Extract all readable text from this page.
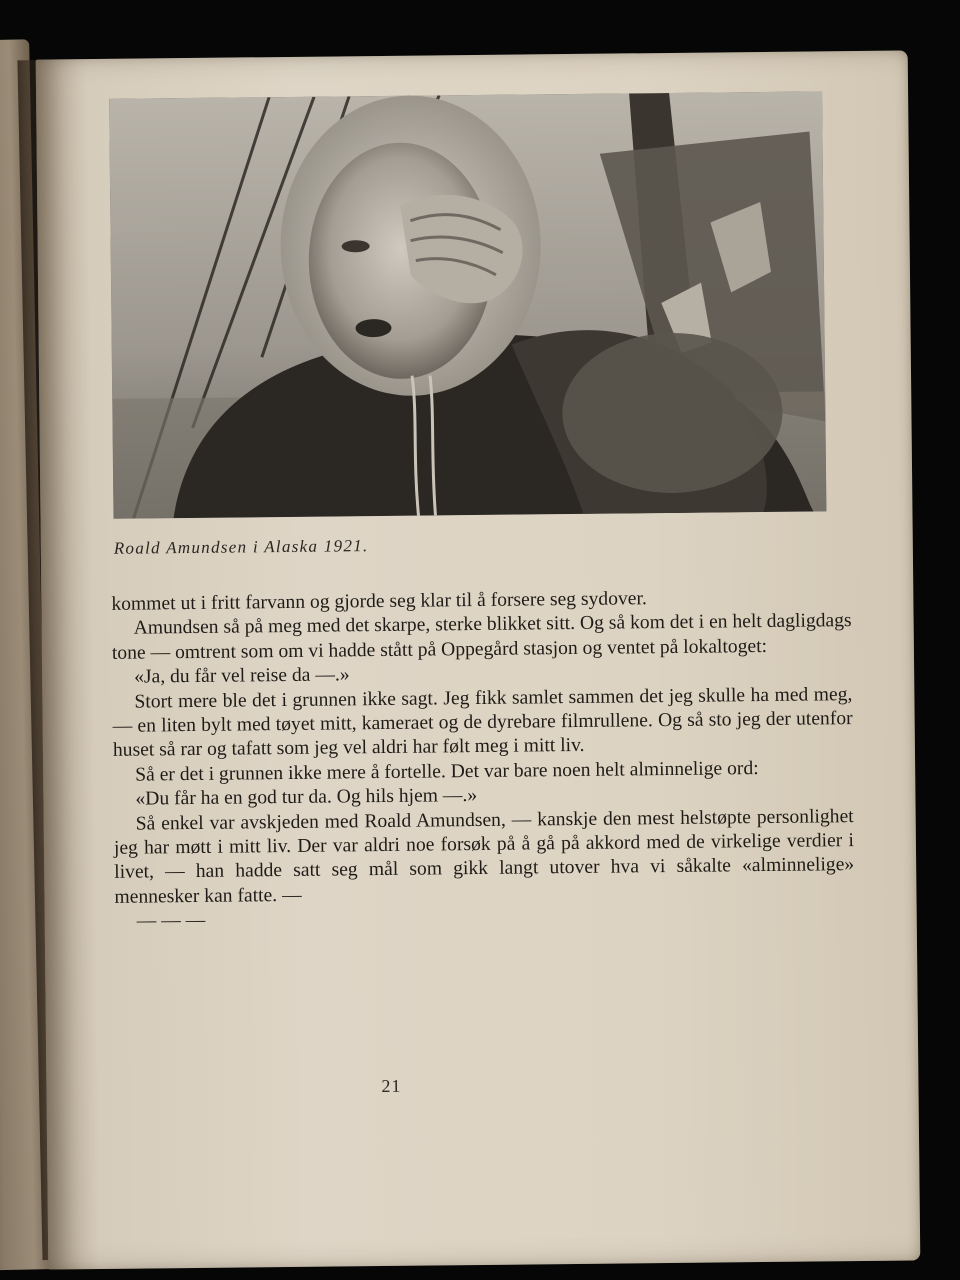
Roald Amundsen i Alaska 1921.

kommet ut i fritt farvann og gjorde seg klar til å forsere seg sydover.

Amundsen så på meg med det skarpe, sterke blikket sitt. Og så kom det i en helt dagligdags tone — omtrent som om vi hadde stått på Oppegård stasjon og ventet på lokaltoget:

«Ja, du får vel reise da —.»

Stort mere ble det i grunnen ikke sagt. Jeg fikk samlet sammen det jeg skulle ha med meg, — en liten bylt med tøyet mitt, kameraet og de dyrebare filmrullene. Og så sto jeg der utenfor huset så rar og tafatt som jeg vel aldri har følt meg i mitt liv.

Så er det i grunnen ikke mere å fortelle. Det var bare noen helt alminnelige ord:

«Du får ha en god tur da. Og hils hjem —.»

Så enkel var avskjeden med Roald Amundsen, — kanskje den mest helstøpte personlighet jeg har møtt i mitt liv. Der var aldri noe forsøk på å gå på akkord med de virkelige verdier i livet, — han hadde satt seg mål som gikk langt utover hva vi såkalte «alminnelige» mennesker kan fatte. —

— — —

21
